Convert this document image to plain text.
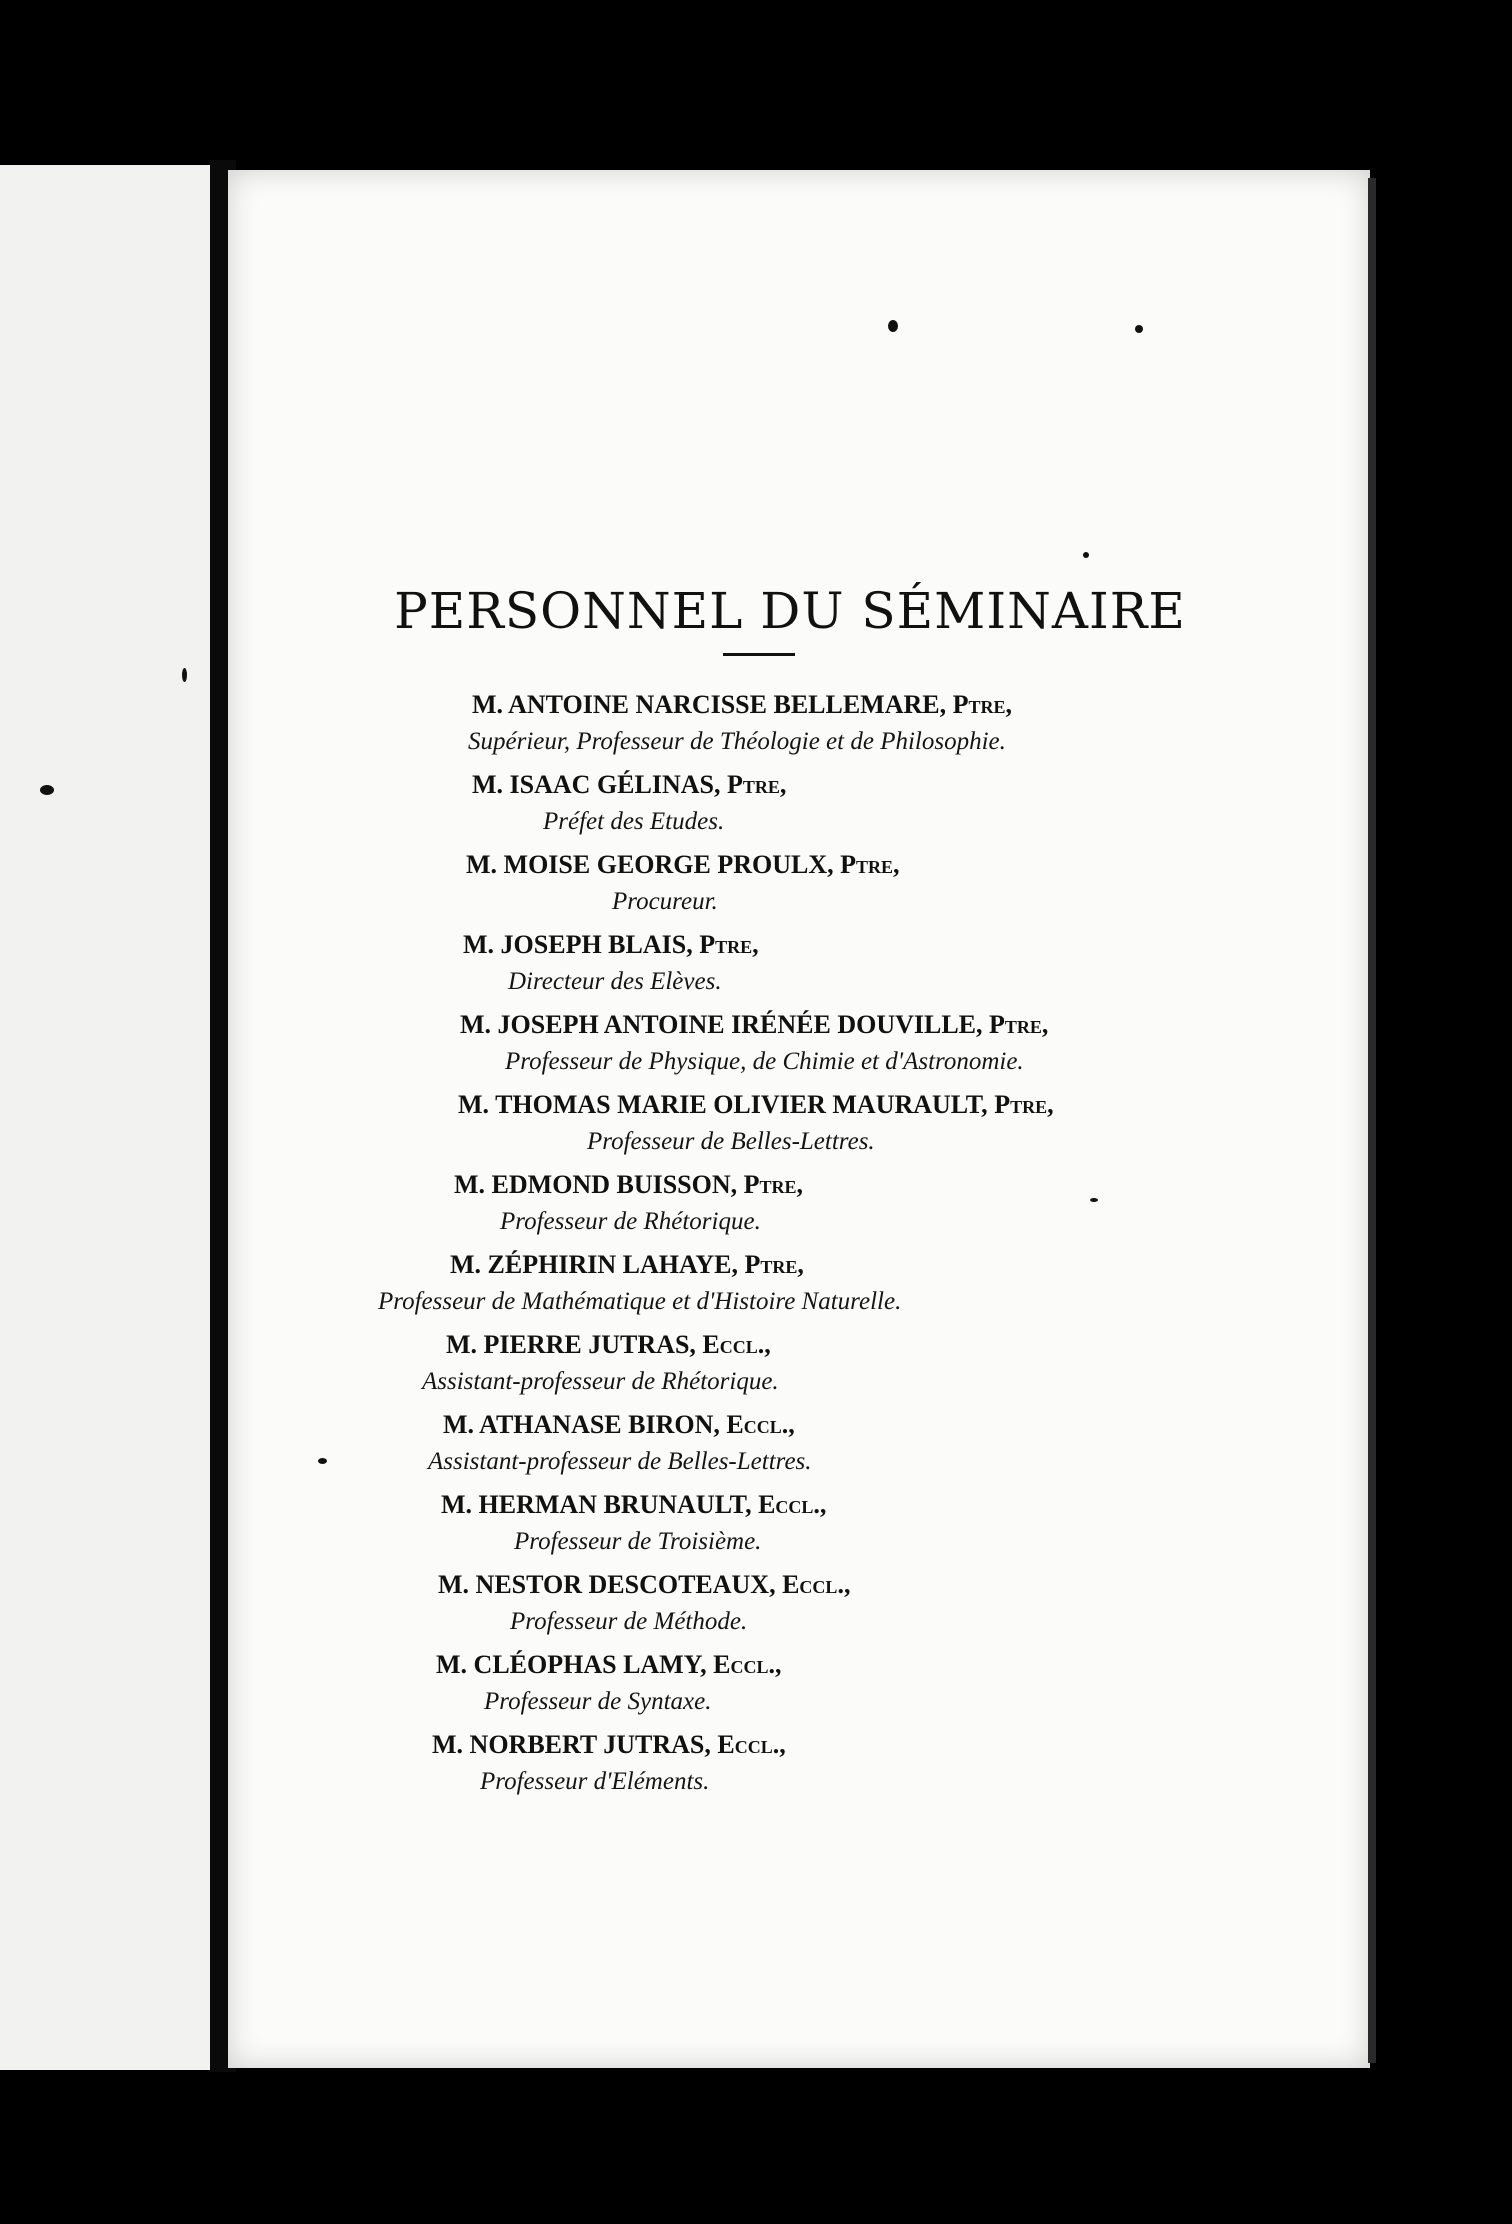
PERSONNEL DU SÉMINAIRE
M. ANTOINE NARCISSE BELLEMARE, Ptre,
Supérieur, Professeur de Théologie et de Philosophie.
M. ISAAC GÉLINAS, Ptre,
Préfet des Etudes.
M. MOISE GEORGE PROULX, Ptre,
Procureur.
M. JOSEPH BLAIS, Ptre,
Directeur des Elèves.
M. JOSEPH ANTOINE IRÉNÉE DOUVILLE, Ptre,
Professeur de Physique, de Chimie et d'Astronomie.
M. THOMAS MARIE OLIVIER MAURAULT, Ptre,
Professeur de Belles-Lettres.
M. EDMOND BUISSON, Ptre,
Professeur de Rhétorique.
M. ZÉPHIRIN LAHAYE, Ptre,
Professeur de Mathématique et d'Histoire Naturelle.
M. PIERRE JUTRAS, Eccl.,
Assistant-professeur de Rhétorique.
M. ATHANASE BIRON, Eccl.,
Assistant-professeur de Belles-Lettres.
M. HERMAN BRUNAULT, Eccl.,
Professeur de Troisième.
M. NESTOR DESCOTEAUX, Eccl.,
Professeur de Méthode.
M. CLÉOPHAS LAMY, Eccl.,
Professeur de Syntaxe.
M. NORBERT JUTRAS, Eccl.,
Professeur d'Eléments.
